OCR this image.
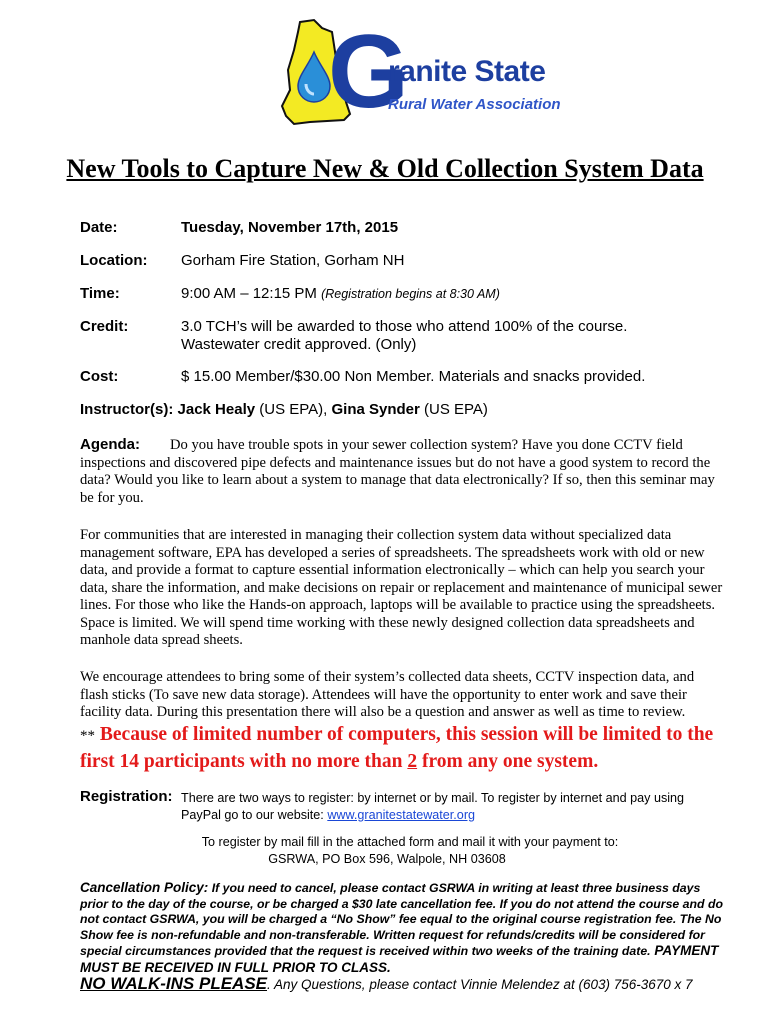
G
ranite State
Rural Water Association
New Tools to Capture New & Old Collection System Data
Date:	Tuesday, November 17th, 2015
Location: Gorham Fire Station, Gorham NH
Time:	9:00 AM – 12:15 PM (Registration begins at 8:30 AM)
Credit:	3.0 TCH’s will be awarded to those who attend 100% of the course.
Wastewater credit approved. (Only)
Cost:	$ 15.00 Member/$30.00 Non Member. Materials and snacks provided.
Instructor(s): Jack Healy (US EPA), Gina Synder (US EPA)
Agenda: Do you have trouble spots in your sewer collection system? Have you done CCTV field inspections and discovered pipe defects and maintenance issues but do not have a good system to record the data? Would you like to learn about a system to manage that data electronically? If so, then this seminar may be for you.
For communities that are interested in managing their collection system data without specialized data management software, EPA has developed a series of spreadsheets. The spreadsheets work with old or new data, and provide a format to capture essential information electronically – which can help you search your data, share the information, and make decisions on repair or replacement and maintenance of municipal sewer lines. For those who like the Hands-on approach, laptops will be available to practice using the spreadsheets. Space is limited. We will spend time working with these newly designed collection data spreadsheets and manhole data spread sheets.
We encourage attendees to bring some of their system’s collected data sheets, CCTV inspection data, and flash sticks (To save new data storage). Attendees will have the opportunity to enter work and save their facility data. During this presentation there will also be a question and answer as well as time to review.
** Because of limited number of computers, this session will be limited to the first 14 participants with no more than 2 from any one system.
Registration: There are two ways to register: by internet or by mail. To register by internet and pay using
PayPal go to our website: www.granitestatewater.org
To register by mail fill in the attached form and mail it with your payment to:
GSRWA, PO Box 596, Walpole, NH 03608
Cancellation Policy: If you need to cancel, please contact GSRWA in writing at least three business days prior to the day of the course, or be charged a $30 late cancellation fee. If you do not attend the course and do not contact GSRWA, you will be charged a “No Show” fee equal to the original course registration fee. The No Show fee is non-refundable and non-transferable. Written request for refunds/credits will be considered for special circumstances provided that the request is received within two weeks of the training date. PAYMENT MUST BE RECEIVED IN FULL PRIOR TO CLASS.
NO WALK-INS PLEASE. Any Questions, please contact Vinnie Melendez at (603) 756-3670 x 7
